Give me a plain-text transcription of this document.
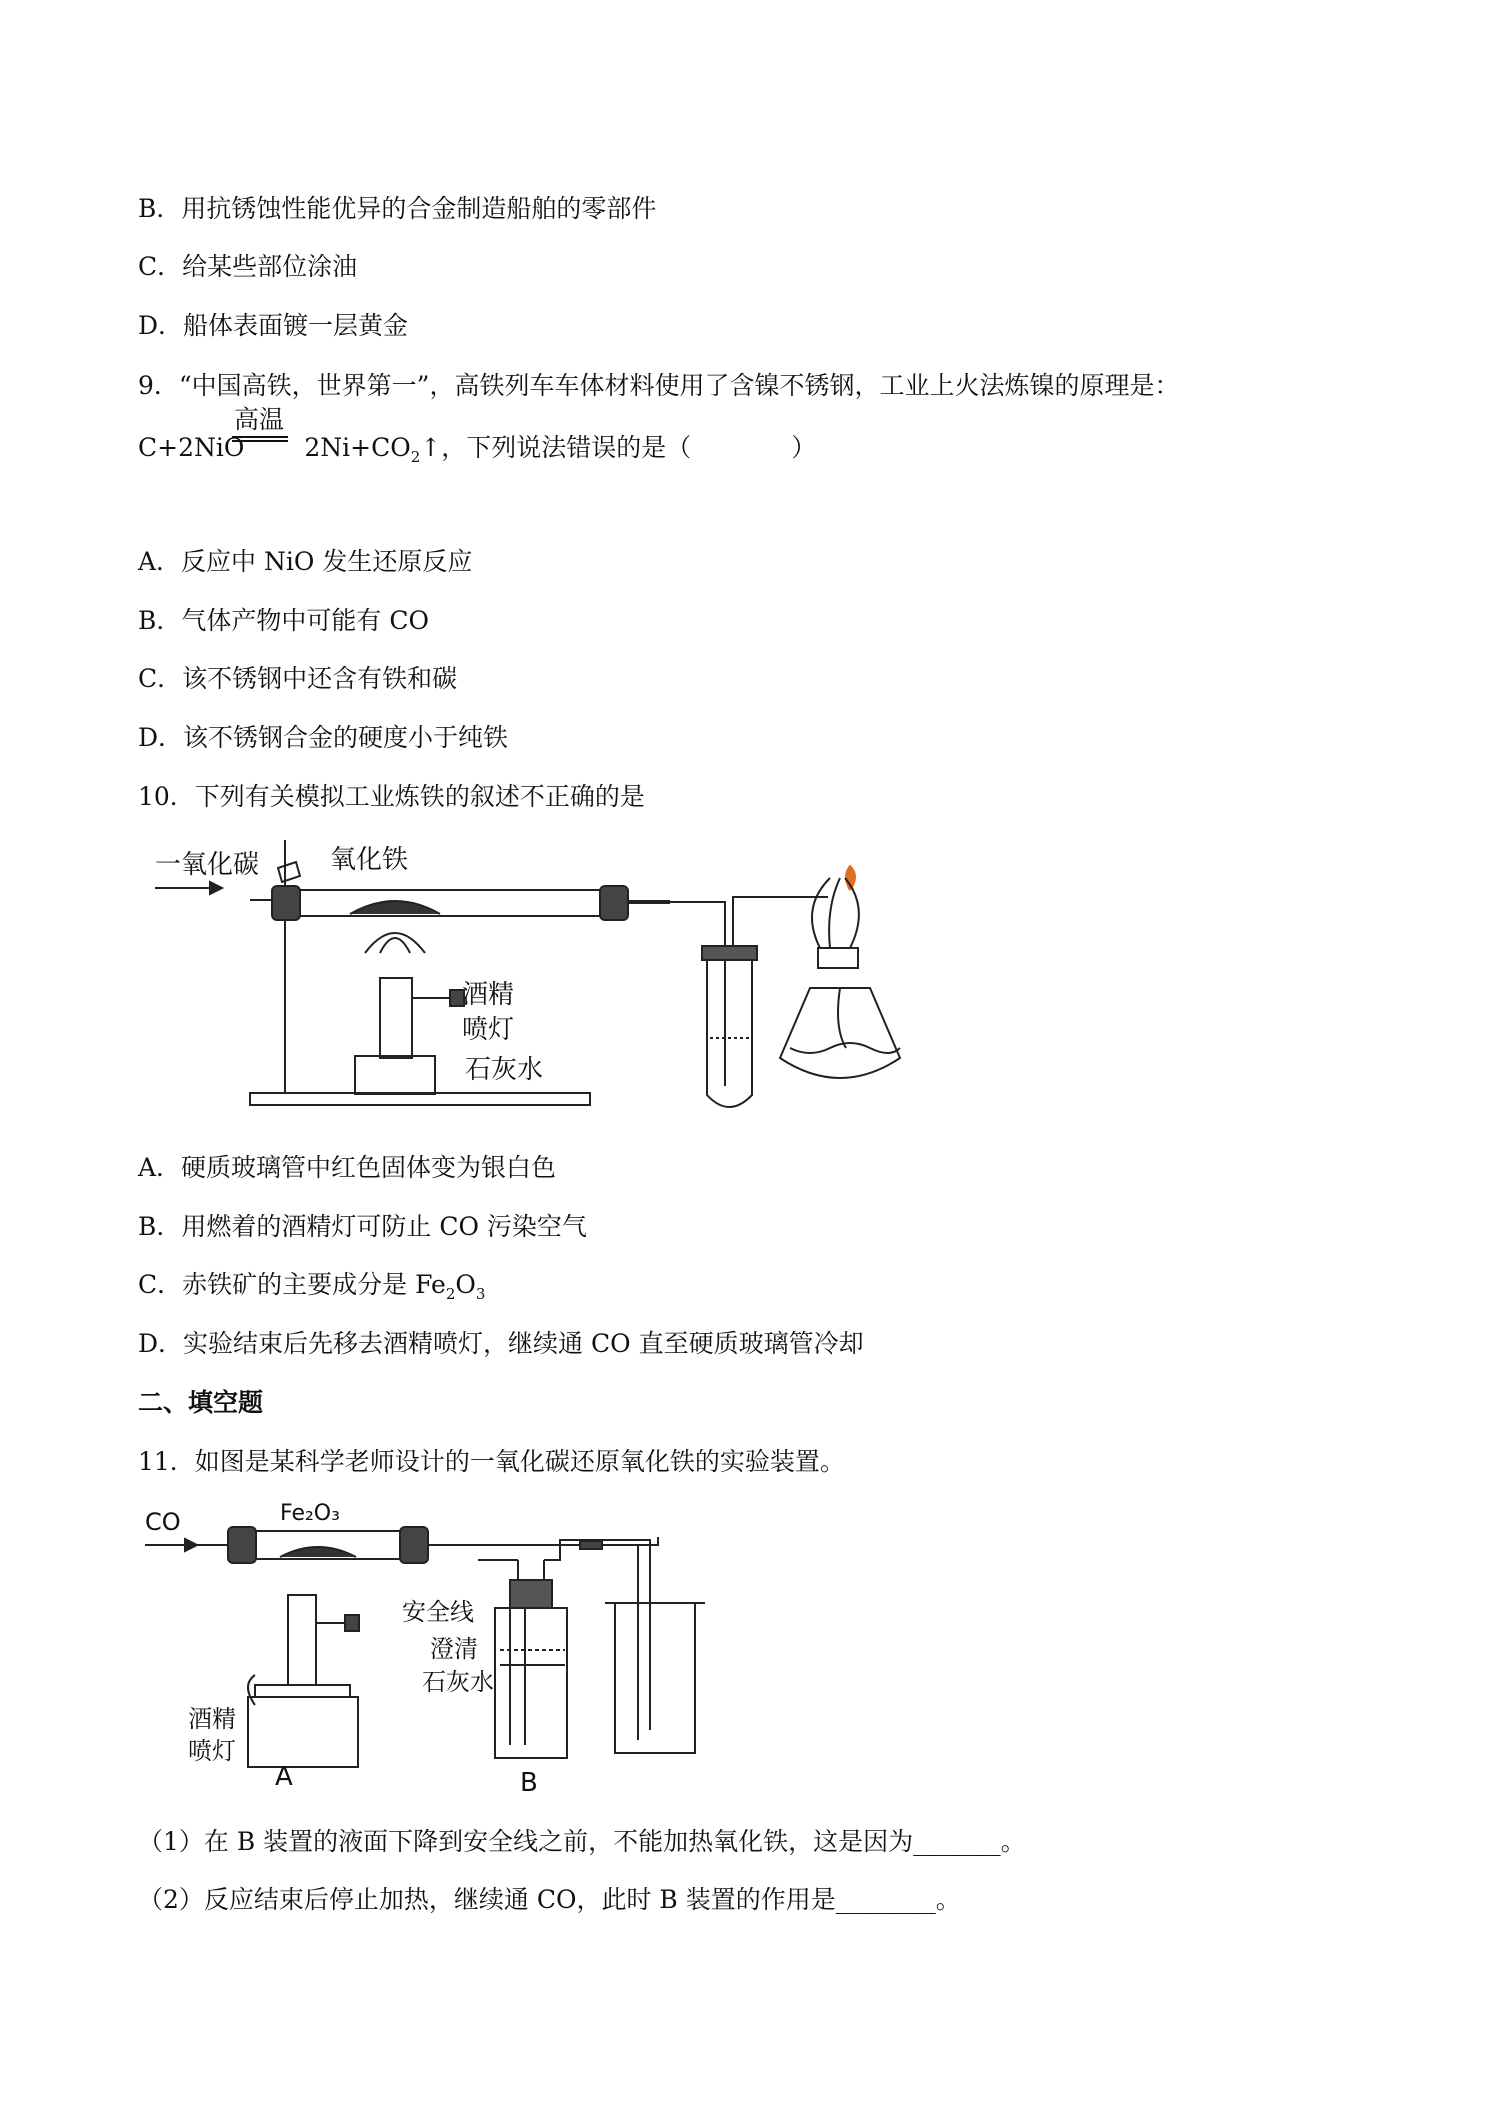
B．用抗锈蚀性能优异的合金制造船舶的零部件
C．给某些部位涂油
D．船体表面镀一层黄金
9．“中国高铁，世界第一”，高铁列车车体材料使用了含镍不锈钢，工业上火法炼镍的原理是：
C+2NiO $2Ni+CO_2↑$，下列说法错误的是（　　　　）
高温
A．反应中 NiO 发生还原反应
B．气体产物中可能有 CO
C．该不锈钢中还含有铁和碳
D．该不锈钢合金的硬度小于纯铁
10．下列有关模拟工业炼铁的叙述不正确的是
一氧化碳	氧化铁
酒精
喷灯
石灰水
A．硬质玻璃管中红色固体变为银白色
B．用燃着的酒精灯可防止 CO 污染空气
C．赤铁矿的主要成分是 $Fe_2O_3$
D．实验结束后先移去酒精喷灯，继续通 CO 直至硬质玻璃管冷却
二、填空题
11．如图是某科学老师设计的一氧化碳还原氧化铁的实验装置。
CO	Fe₂O₃
安全线
澄清
石灰水
酒精
喷灯
A	B
（1）在 B 装置的液面下降到安全线之前，不能加热氧化铁，这是因为_______。
（2）反应结束后停止加热，继续通 CO，此时 B 装置的作用是________。
